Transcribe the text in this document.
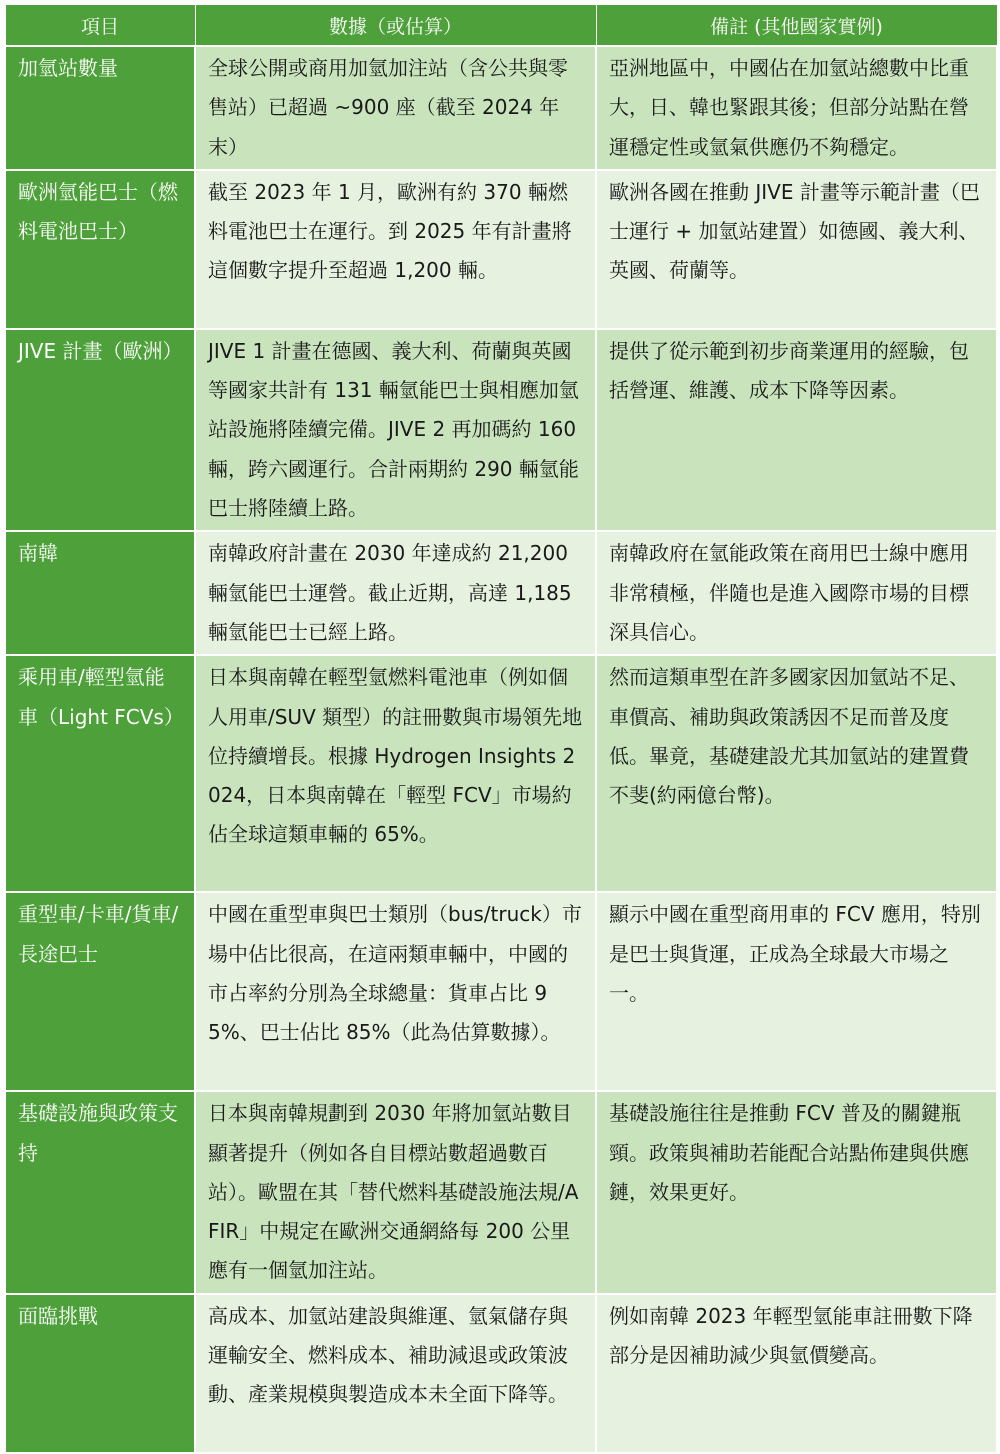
項目	數據（或估算）	備註 (其他國家實例)
加氫站數量	全球公開或商用加氫加注站（含公共與零售站）已超過 ~900 座（截至 2024 年末）	亞洲地區中，中國佔在加氫站總數中比重大，日、韓也緊跟其後；但部分站點在營運穩定性或氫氣供應仍不夠穩定。
歐洲氫能巴士（燃料電池巴士）	截至 2023 年 1 月，歐洲有約 370 輛燃料電池巴士在運行。到 2025 年有計畫將這個數字提升至超過 1,200 輛。	歐洲各國在推動 JIVE 計畫等示範計畫（巴士運行 + 加氫站建置）如德國、義大利、英國、荷蘭等。
JIVE 計畫（歐洲）	JIVE 1 計畫在德國、義大利、荷蘭與英國等國家共計有 131 輛氫能巴士與相應加氫站設施將陸續完備。JIVE 2 再加碼約 160 輛，跨六國運行。合計兩期約 290 輛氫能巴士將陸續上路。	提供了從示範到初步商業運用的經驗，包括營運、維護、成本下降等因素。
南韓	南韓政府計畫在 2030 年達成約 21,200 輛氫能巴士運營。截止近期，高達 1,185 輛氫能巴士已經上路。	南韓政府在氫能政策在商用巴士線中應用非常積極，伴隨也是進入國際市場的目標深具信心。
乘用車/輕型氫能車（Light FCVs）	日本與南韓在輕型氫燃料電池車（例如個人用車/SUV 類型）的註冊數與市場領先地位持續增長。根據 Hydrogen Insights 2024，日本與南韓在「輕型 FCV」市場約佔全球這類車輛的 65%。	然而這類車型在許多國家因加氫站不足、車價高、補助與政策誘因不足而普及度低。畢竟，基礎建設尤其加氫站的建置費不斐(約兩億台幣)。
重型車/卡車/貨車/長途巴士	中國在重型車與巴士類別（bus/truck）市場中佔比很高，在這兩類車輛中，中國的市占率約分別為全球總量：貨車占比 95%、巴士佔比 85%（此為估算數據）。	顯示中國在重型商用車的 FCV 應用，特別是巴士與貨運，正成為全球最大市場之一。
基礎設施與政策支持	日本與南韓規劃到 2030 年將加氫站數目顯著提升（例如各自目標站數超過數百站）。歐盟在其「替代燃料基礎設施法規/AFIR」中規定在歐洲交通網絡每 200 公里應有一個氫加注站。	基礎設施往往是推動 FCV 普及的關鍵瓶頸。政策與補助若能配合站點佈建與供應鏈，效果更好。
面臨挑戰	高成本、加氫站建設與維運、氫氣儲存與運輸安全、燃料成本、補助減退或政策波動、產業規模與製造成本未全面下降等。	例如南韓 2023 年輕型氫能車註冊數下降部分是因補助減少與氫價變高。
